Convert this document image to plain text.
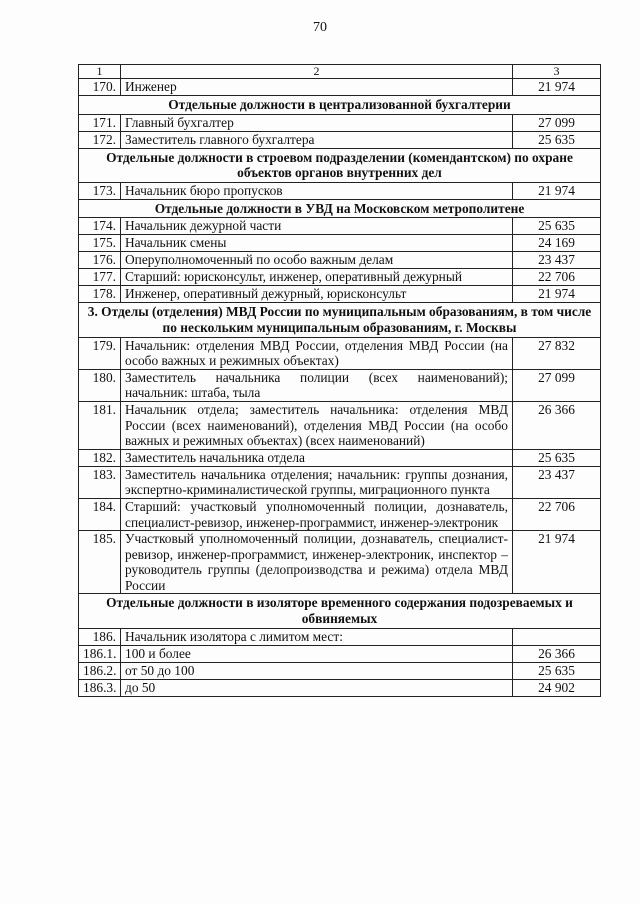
70
1	2	3
170.	Инженер	21 974
Отдельные должности в централизованной бухгалтерии		
171.	Главный бухгалтер	27 099
172.	Заместитель главного бухгалтера	25 635
Отдельные должности в строевом подразделении (комендантском) по охране объектов органов внутренних дел		
173.	Начальник бюро пропусков	21 974
Отдельные должности в УВД на Московском метрополитене		
174.	Начальник дежурной части	25 635
175.	Начальник смены	24 169
176.	Оперуполномоченный по особо важным делам	23 437
177.	Старший: юрисконсульт, инженер, оперативный дежурный	22 706
178.	Инженер, оперативный дежурный, юрисконсульт	21 974
3. Отделы (отделения) МВД России по муниципальным образованиям, в том числе по нескольким муниципальным образованиям, г. Москвы		
179.	Начальник: отделения МВД России, отделения МВД России (на особо важных и режимных объектах)	27 832
180.	Заместитель начальника полиции (всех наименований); начальник: штаба, тыла	27 099
181.	Начальник отдела; заместитель начальника: отделения МВД России (всех наименований), отделения МВД России (на особо важных и режимных объектах) (всех наименований)	26 366
182.	Заместитель начальника отдела	25 635
183.	Заместитель начальника отделения; начальник: группы дознания, экспертно-криминалистической группы, миграционного пункта	23 437
184.	Старший: участковый уполномоченный полиции, дознаватель, специалист-ревизор, инженер-программист, инженер-электроник	22 706
185.	Участковый уполномоченный полиции, дознаватель, специалист-ревизор, инженер-программист, инженер-электроник, инспектор – руководитель группы (делопроизводства и режима) отдела МВД России	21 974
Отдельные должности в изоляторе временного содержания подозреваемых и обвиняемых		
186.	Начальник изолятора с лимитом мест:	
186.1.	100 и более	26 366
186.2.	от 50 до 100	25 635
186.3.	до 50	24 902
